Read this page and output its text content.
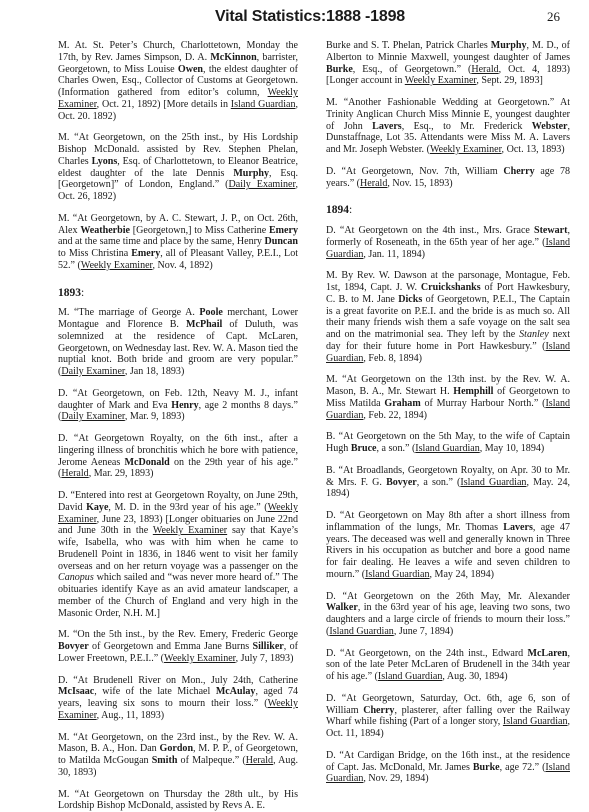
Vital Statistics:1888 -1898	26
M. At. St. Peter’s Church, Charlottetown, Monday the 17th, by Rev. James Simpson, D. A. McKinnon, barrister, Georgetown, to Miss Louise Owen, the eldest daughter of Charles Owen, Esq., Collector of Customs at Georgetown.(Information gathered from editor’s column, Weekly Examiner, Oct. 21, 1892) [More details in Island Guardian, Oct. 20. 1892)
M. “At Georgetown, on the 25th inst., by His Lordship Bishop McDonald. assisted by Rev. Stephen Phelan, Charles Lyons, Esq. of Charlottetown, to Eleanor Beatrice, eldest daughter of the late Dennis Murphy, Esq.[Georgetown]” of London, England.” (Daily Examiner, Oct. 26, 1892)
M. “At Georgetown, by A. C. Stewart, J. P., on Oct. 26th, Alex Weatherbie [Georgetown,] to Miss Catherine Emery and at the same time and place by the same, Henry Duncan to Miss Christina Emery, all of Pleasant Valley, P.E.I., Lot 52.” (Weekly Examiner, Nov. 4, 1892)
1893:
M. “The marriage of George A. Poole merchant, Lower Montague and Florence B. McPhail of Duluth, was solemnized at the residence of Capt. McLaren, Georgetown, on Wednesday last. Rev. W. A. Mason tied the nuptial knot. Both bride and groom are very popular.” (Daily Examiner, Jan 18, 1893)
D. “At Georgetown, on Feb. 12th, Neavy M. J., infant daughter of Mark and Eva Henry, age 2 months 8 days.” (Daily Examiner, Mar. 9, 1893)
D. “At Georgetown Royalty, on the 6th inst., after a lingering illness of bronchitis which he bore with patience, Jerome Aeneas McDonald on the 29th year of his age.” (Herald, Mar. 29, 1893)
D. “Entered into rest at Georgetown Royalty, on June 29th, David Kaye, M. D. in the 93rd year of his age.” (Weekly Examiner, June 23, 1893) [Longer obituaries on June 22nd and June 30th in the Weekly Examiner say that Kaye’s wife, Isabella, who was with him when he came to Brudenell Point in 1836, in 1846 went to visit her family overseas and on her return voyage was a passenger on the Canopus which sailed and “was never more heard of.” The obituaries identify Kaye as an avid amateur landscaper, a member of the Church of England and very high in the Masonic Order, N.H. M.]
M. “On the 5th inst., by the Rev. Emery, Frederic George Bovyer of Georgetown and Emma Jane Burns Silliker, of Lower Freetown, P.E.I..” (Weekly Examiner, July 7, 1893)
D. “At Brudenell River on Mon., July 24th, Catherine McIsaac, wife of the late Michael McAulay, aged 74 years, leaving six sons to mourn their loss.” (Weekly Examiner, Aug., 11, 1893)
M. “At Georgetown, on the 23rd inst., by the Rev. W. A. Mason, B. A., Hon. Dan Gordon, M. P. P., of Georgetown, to Matilda McGougan Smith of Malpeque.” (Herald, Aug. 30, 1893)
M. “At Georgetown on Thursday the 28th ult., by His Lordship Bishop McDonald, assisted by Revs A. E.
Burke and S. T. Phelan, Patrick Charles Murphy, M. D., of Alberton to Minnie Maxwell, youngest daughter of James Burke, Esq., of Georgetown.” (Herald, Oct. 4, 1893)[Longer account in Weekly Examiner, Sept. 29, 1893]
M. “Another Fashionable Wedding at Georgetown.” At Trinity Anglican Church Miss Minnie E, youngest daughter of John Lavers, Esq., to Mr. Frederick Webster, Dunstaffnage, Lot 35. Attendants were Miss M. A. Lavers and Mr. Joseph Webster. (Weekly Examiner, Oct. 13, 1893)
D. “At Georgetown, Nov. 7th, William Cherry age 78 years.” (Herald, Nov. 15, 1893)
1894:
D. “At Georgetown on the 4th inst., Mrs. Grace Stewart, formerly of Roseneath, in the 65th year of her age.” (Island Guardian, Jan. 11, 1894)
M. By Rev. W. Dawson at the parsonage, Montague, Feb. 1st, 1894, Capt. J. W. Cruickshanks of Port Hawkesbury, C. B. to M. Jane Dicks of Georgetown, P.E.I., The Captain is a great favorite on P.E.I. and the bride is as much so. All their many friends wish them a safe voyage on the salt sea and on the matrimonial sea. They left by the Stanley next day for their future home in Port Hawkesbury.” (Island Guardian, Feb. 8, 1894)
M. “At Georgetown on the 13th inst. by the Rev. W. A. Mason, B. A., Mr. Stewart H. Hemphill of Georgetown to Miss Matilda Graham of Murray Harbour North.” (Island Guardian, Feb. 22, 1894)
B. “At Georgetown on the 5th May, to the wife of Captain Hugh Bruce, a son.” (Island Guardian, May 10, 1894)
B. “At Broadlands, Georgetown Royalty, on Apr. 30 to Mr. & Mrs. F. G. Bovyer, a son.” (Island Guardian, May. 24, 1894)
D. “At Georgetown on May 8th after a short illness from inflammation of the lungs, Mr. Thomas Lavers, age 47 years. The deceased was well and generally known in Three Rivers in his occupation as butcher and bore a good name for fair dealing. He leaves a wife and seven children to mourn.” (Island Guardian, May 24, 1894)
D. “At Georgetown on the 26th May, Mr. Alexander Walker, in the 63rd year of his age, leaving two sons, two daughters and a large circle of friends to mourn their loss.” (Island Guardian, June 7, 1894)
D. “At Georgetown, on the 24th inst., Edward McLaren, son of the late Peter McLaren of Brudenell in the 34th year of his age.” (Island Guardian, Aug. 30, 1894)
D. “At Georgetown, Saturday, Oct. 6th, age 6, son of William Cherry, plasterer, after falling over the Railway Wharf while fishing (Part of a longer story, Island Guardian, Oct. 11, 1894)
D. “At Cardigan Bridge, on the 16th inst., at the residence of Capt. Jas. McDonald, Mr. James Burke, age 72.” (Island Guardian, Nov. 29, 1894)
